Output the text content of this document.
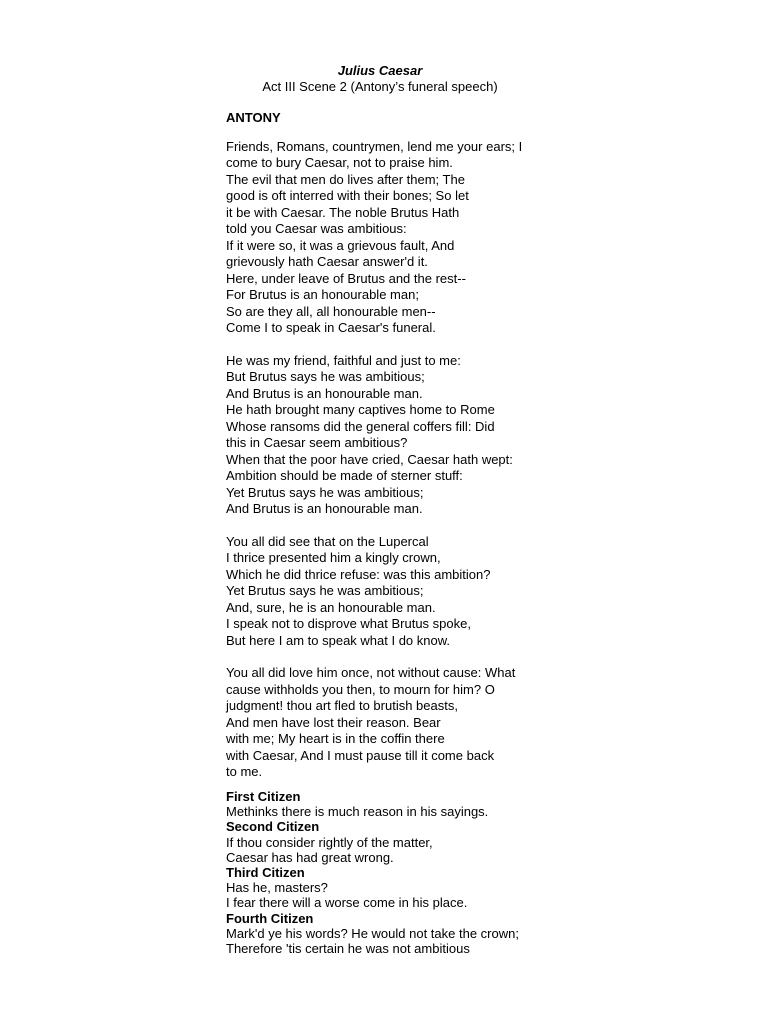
Julius Caesar
Act III Scene 2 (Antony’s funeral speech)
ANTONY
Friends, Romans, countrymen, lend me your ears; I
come to bury Caesar, not to praise him.
The evil that men do lives after them; The
good is oft interred with their bones; So let
it be with Caesar. The noble Brutus Hath
told you Caesar was ambitious:
If it were so, it was a grievous fault, And
grievously hath Caesar answer'd it.
Here, under leave of Brutus and the rest--
For Brutus is an honourable man;
So are they all, all honourable men--
Come I to speak in Caesar's funeral.
He was my friend, faithful and just to me:
But Brutus says he was ambitious;
And Brutus is an honourable man.
He hath brought many captives home to Rome
Whose ransoms did the general coffers fill: Did
this in Caesar seem ambitious?
When that the poor have cried, Caesar hath wept:
Ambition should be made of sterner stuff:
Yet Brutus says he was ambitious;
And Brutus is an honourable man.
You all did see that on the Lupercal
I thrice presented him a kingly crown,
Which he did thrice refuse: was this ambition?
Yet Brutus says he was ambitious;
And, sure, he is an honourable man.
I speak not to disprove what Brutus spoke,
But here I am to speak what I do know.
You all did love him once, not without cause: What
cause withholds you then, to mourn for him? O
judgment! thou art fled to brutish beasts,
And men have lost their reason. Bear
with me; My heart is in the coffin there
with Caesar, And I must pause till it come back
to me.
First Citizen
Methinks there is much reason in his sayings.
Second Citizen
If thou consider rightly of the matter,
Caesar has had great wrong.
Third Citizen
Has he, masters?
I fear there will a worse come in his place.
Fourth Citizen
Mark'd ye his words? He would not take the crown;
Therefore 'tis certain he was not ambitious
